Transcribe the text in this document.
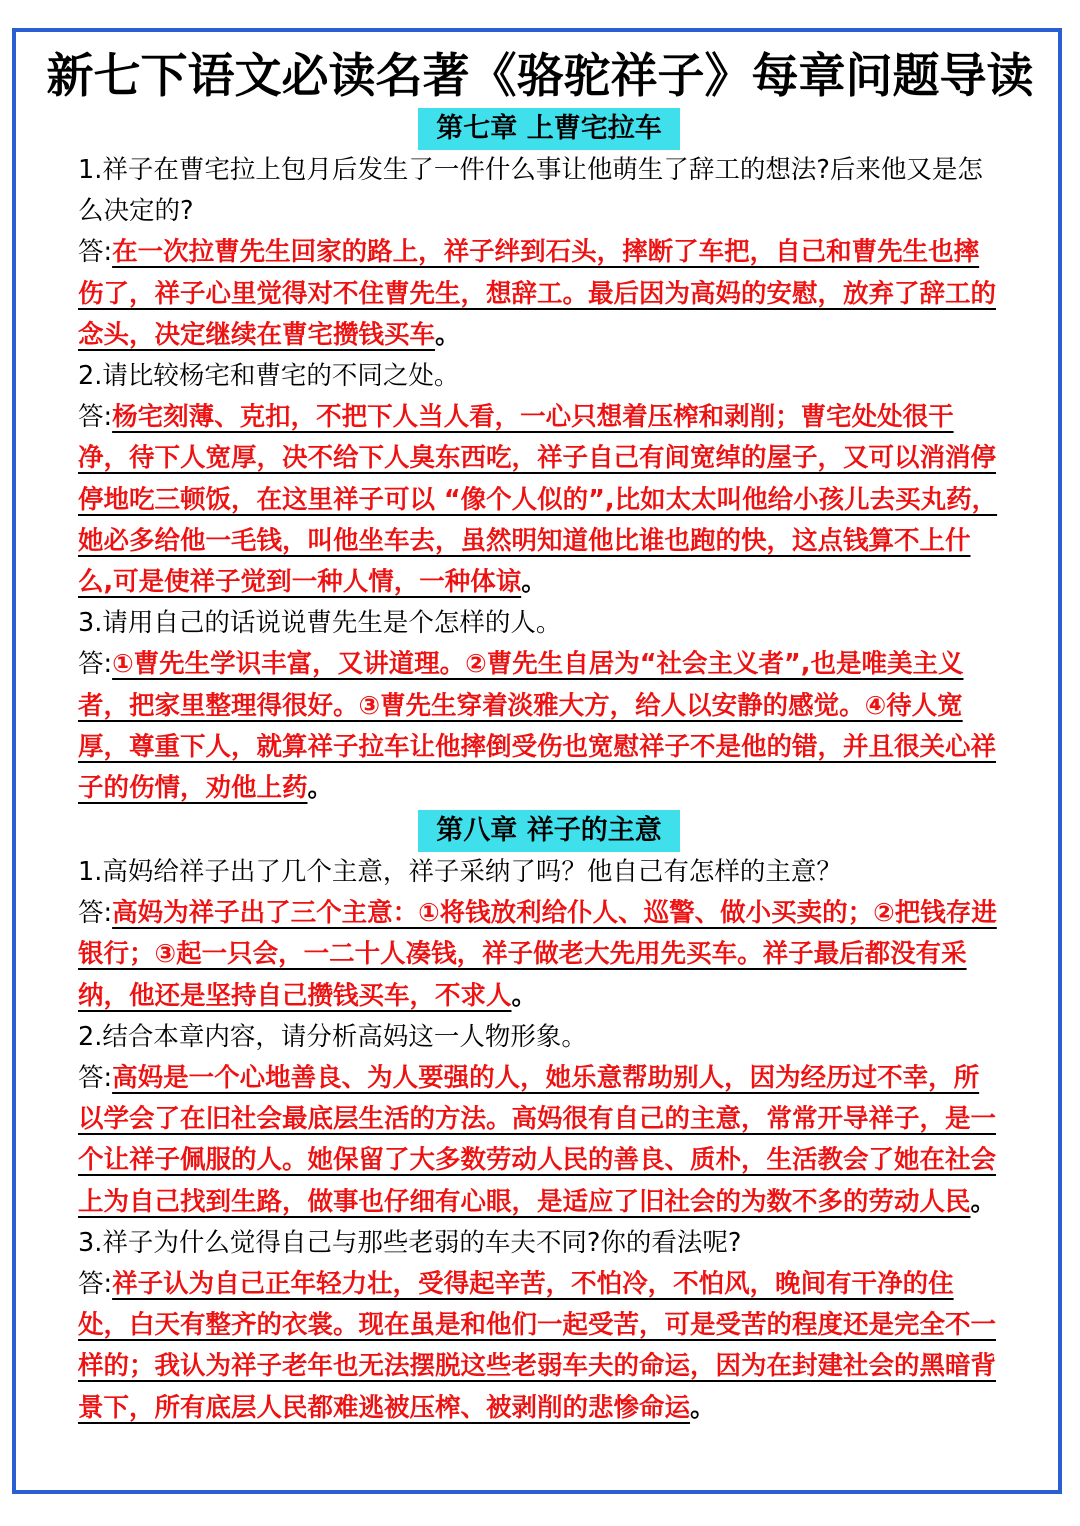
新七下语文必读名著《骆驼祥子》每章问题导读
第七章 上曹宅拉车

1.祥子在曹宅拉上包月后发生了一件什么事让他萌生了辞工的想法?后来他又是怎么决定的?

答:在一次拉曹先生回家的路上，祥子绊到石头，摔断了车把，自己和曹先生也摔伤了，祥子心里觉得对不住曹先生，想辞工。最后因为高妈的安慰，放弃了辞工的念头，决定继续在曹宅攒钱买车。

2.请比较杨宅和曹宅的不同之处。

答:杨宅刻薄、克扣，不把下人当人看，一心只想着压榨和剥削；曹宅处处很干净，待下人宽厚，决不给下人臭东西吃，祥子自己有间宽绰的屋子，又可以消消停停地吃三顿饭，在这里祥子可以 “像个人似的”,比如太太叫他给小孩儿去买丸药，她必多给他一毛钱，叫他坐车去，虽然明知道他比谁也跑的快，这点钱算不上什么,可是使祥子觉到一种人情，一种体谅。

3.请用自己的话说说曹先生是个怎样的人。

答:①曹先生学识丰富，又讲道理。②曹先生自居为“社会主义者”,也是唯美主义者，把家里整理得很好。③曹先生穿着淡雅大方，给人以安静的感觉。④待人宽厚，尊重下人，就算祥子拉车让他摔倒受伤也宽慰祥子不是他的错，并且很关心祥子的伤情，劝他上药。

第八章 祥子的主意

1.高妈给祥子出了几个主意，祥子采纳了吗？他自己有怎样的主意？

答:高妈为祥子出了三个主意：①将钱放利给仆人、巡警、做小买卖的；②把钱存进银行；③起一只会，一二十人凑钱，祥子做老大先用先买车。祥子最后都没有采纳，他还是坚持自己攒钱买车，不求人。

2.结合本章内容，请分析高妈这一人物形象。

答:高妈是一个心地善良、为人要强的人，她乐意帮助别人，因为经历过不幸，所以学会了在旧社会最底层生活的方法。高妈很有自己的主意，常常开导祥子，是一个让祥子佩服的人。她保留了大多数劳动人民的善良、质朴，生活教会了她在社会上为自己找到生路，做事也仔细有心眼，是适应了旧社会的为数不多的劳动人民。

3.祥子为什么觉得自己与那些老弱的车夫不同?你的看法呢?

答:祥子认为自己正年轻力壮，受得起辛苦，不怕冷，不怕风，晚间有干净的住处，白天有整齐的衣裳。现在虽是和他们一起受苦，可是受苦的程度还是完全不一样的；我认为祥子老年也无法摆脱这些老弱车夫的命运，因为在封建社会的黑暗背景下，所有底层人民都难逃被压榨、被剥削的悲惨命运。
